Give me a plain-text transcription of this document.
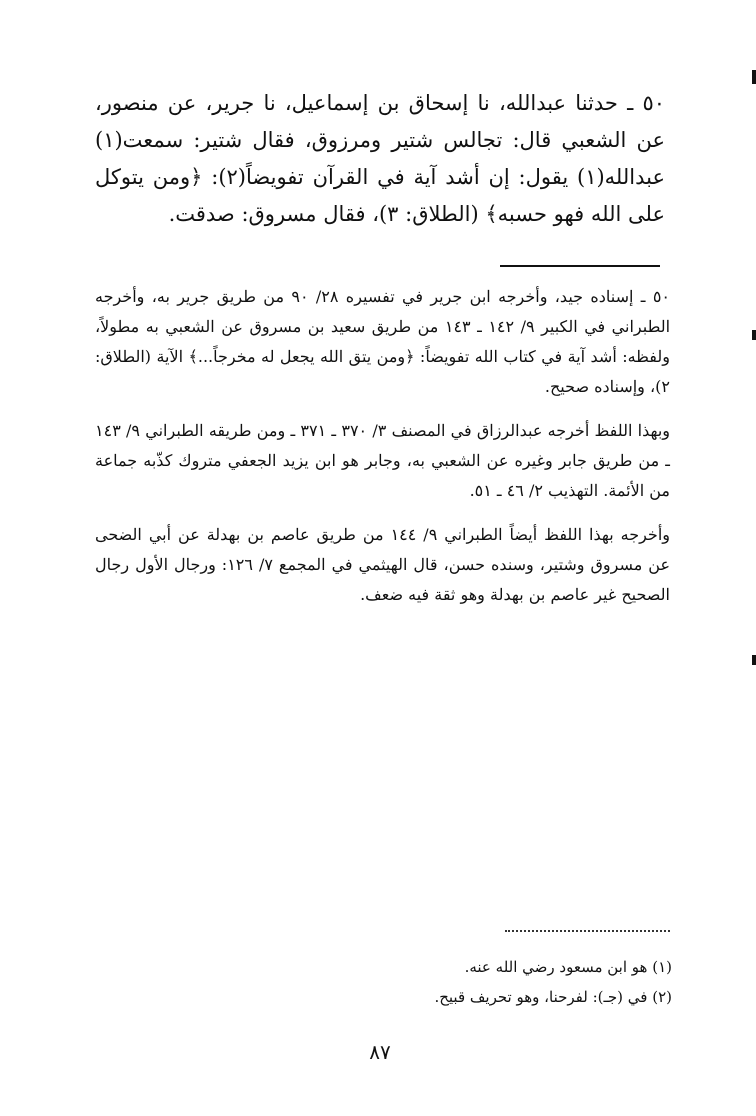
٥٠ ـ حدثنا عبدالله، نا إسحاق بن إسماعيل، نا جرير، عن منصور، عن الشعبي قال: تجالس شتير ومرزوق، فقال شتير: سمعت(١) عبدالله(١) يقول: إن أشد آية في القرآن تفويضاً(٢): ﴿ومن يتوكل على الله فهو حسبه﴾ (الطلاق: ٣)، فقال مسروق: صدقت.

٥٠ ـ إسناده جيد، وأخرجه ابن جرير في تفسيره ٢٨/ ٩٠ من طريق جرير به، وأخرجه الطبراني في الكبير ٩/ ١٤٢ ـ ١٤٣ من طريق سعيد بن مسروق عن الشعبي به مطولاً، ولفظه: أشد آية في كتاب الله تفويضاً: ﴿ومن يتق الله يجعل له مخرجاً...﴾ الآية (الطلاق: ٢)، وإسناده صحيح.

وبهذا اللفظ أخرجه عبدالرزاق في المصنف ٣/ ٣٧٠ ـ ٣٧١ ـ ومن طريقه الطبراني ٩/ ١٤٣ ـ من طريق جابر وغيره عن الشعبي به، وجابر هو ابن يزيد الجعفي متروك كذّبه جماعة من الأئمة. التهذيب ٢/ ٤٦ ـ ٥١.

وأخرجه بهذا اللفظ أيضاً الطبراني ٩/ ١٤٤ من طريق عاصم بن بهدلة عن أبي الضحى عن مسروق وشتير، وسنده حسن، قال الهيثمي في المجمع ٧/ ١٢٦: ورجال الأول رجال الصحيح غير عاصم بن بهدلة وهو ثقة فيه ضعف.

(١) هو ابن مسعود رضي الله عنه.
(٢) في (جـ): لفرحنا، وهو تحريف قبيح.
٨٧
